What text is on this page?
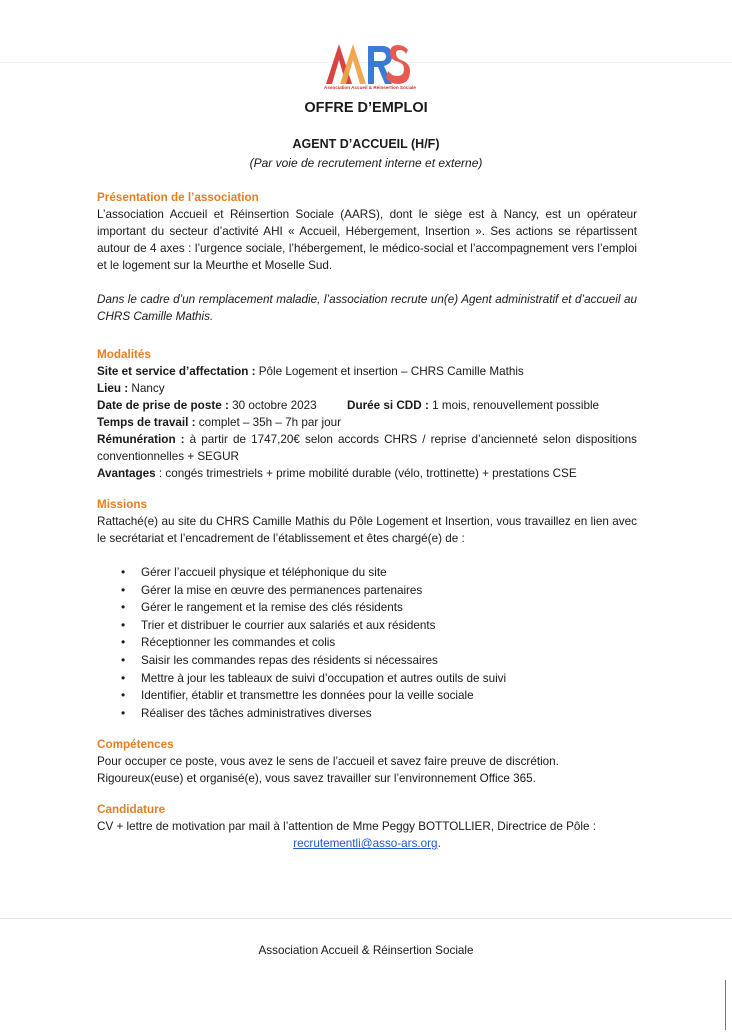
Association Accueil & Réinsertion Sociale
OFFRE D’EMPLOI
AGENT D’ACCUEIL (H/F)
(Par voie de recrutement interne et externe)
Présentation de l’association

L’association Accueil et Réinsertion Sociale (AARS), dont le siège est à Nancy, est un opérateur important du secteur d’activité AHI « Accueil, Hébergement, Insertion ». Ses actions se répartissent autour de 4 axes : l’urgence sociale, l’hébergement, le médico-social et l’accompagnement vers l’emploi et le logement sur la Meurthe et Moselle Sud.

Dans le cadre d’un remplacement maladie, l’association recrute un(e) Agent administratif et d’accueil au CHRS Camille Mathis.

Modalités
Site et service d’affectation : Pôle Logement et insertion – CHRS Camille Mathis
Lieu : Nancy
Date de prise de poste : 30 octobre 2023	Durée si CDD : 1 mois, renouvellement possible
Temps de travail : complet – 35h – 7h par jour

Rémunération : à partir de 1747,20€ selon accords CHRS / reprise d’ancienneté selon dispositions conventionnelles + SEGUR

Avantages : congés trimestriels + prime mobilité durable (vélo, trottinette) + prestations CSE
Missions

Rattaché(e) au site du CHRS Camille Mathis du Pôle Logement et Insertion, vous travaillez en lien avec le secrétariat et l’encadrement de l’établissement et êtes chargé(e) de :

•	Gérer l’accueil physique et téléphonique du site
•	Gérer la mise en œuvre des permanences partenaires
•	Gérer le rangement et la remise des clés résidents
•	Trier et distribuer le courrier aux salariés et aux résidents
•	Réceptionner les commandes et colis
•	Saisir les commandes repas des résidents si nécessaires
•	Mettre à jour les tableaux de suivi d’occupation et autres outils de suivi
•	Identifier, établir et transmettre les données pour la veille sociale
•	Réaliser des tâches administratives diverses
Compétences
Pour occuper ce poste, vous avez le sens de l’accueil et savez faire preuve de discrétion.
Rigoureux(euse) et organisé(e), vous savez travailler sur l’environnement Office 365.
Candidature
CV + lettre de motivation par mail à l’attention de Mme Peggy BOTTOLLIER, Directrice de Pôle :
recrutementli@asso-ars.org.
Association Accueil & Réinsertion Sociale
